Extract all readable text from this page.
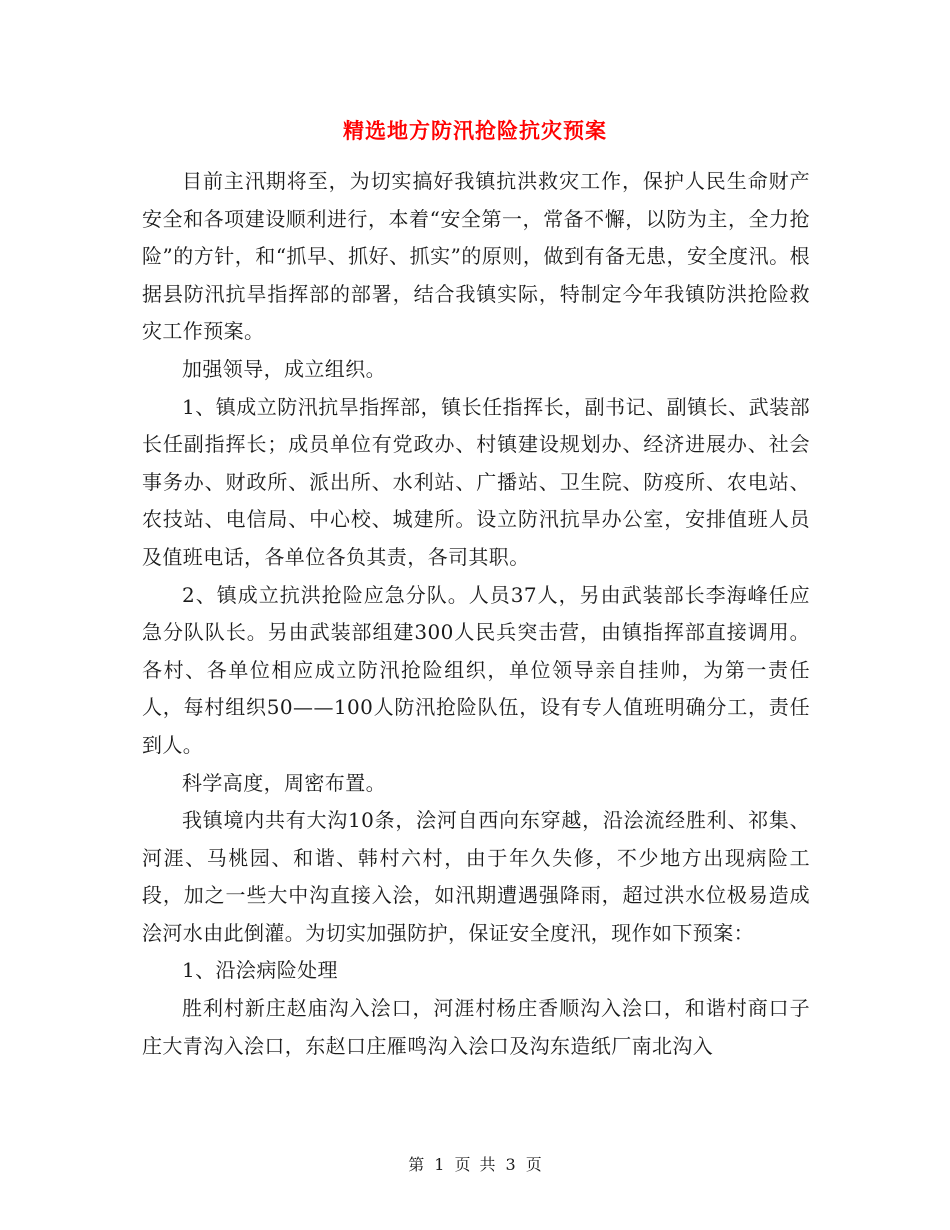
精选地方防汛抢险抗灾预案

目前主汛期将至，为切实搞好我镇抗洪救灾工作，保护人民生命财产安全和各项建设顺利进行，本着“安全第一，常备不懈，以防为主，全力抢险”的方针，和“抓早、抓好、抓实”的原则，做到有备无患，安全度汛。根据县防汛抗旱指挥部的部署，结合我镇实际，特制定今年我镇防洪抢险救灾工作预案。

加强领导，成立组织。

1、镇成立防汛抗旱指挥部，镇长任指挥长，副书记、副镇长、武装部长任副指挥长；成员单位有党政办、村镇建设规划办、经济进展办、社会事务办、财政所、派出所、水利站、广播站、卫生院、防疫所、农电站、农技站、电信局、中心校、城建所。设立防汛抗旱办公室，安排值班人员及值班电话，各单位各负其责，各司其职。

2、镇成立抗洪抢险应急分队。人员37人，另由武装部长李海峰任应急分队队长。另由武装部组建300人民兵突击营，由镇指挥部直接调用。各村、各单位相应成立防汛抢险组织，单位领导亲自挂帅，为第一责任人，每村组织50——100人防汛抢险队伍，设有专人值班明确分工，责任到人。

科学高度，周密布置。

我镇境内共有大沟10条，浍河自西向东穿越，沿浍流经胜利、祁集、河涯、马桃园、和谐、韩村六村，由于年久失修，不少地方出现病险工段，加之一些大中沟直接入浍，如汛期遭遇强降雨，超过洪水位极易造成浍河水由此倒灌。为切实加强防护，保证安全度汛，现作如下预案：

1、沿浍病险处理

胜利村新庄赵庙沟入浍口，河涯村杨庄香顺沟入浍口，和谐村商口子庄大青沟入浍口，东赵口庄雁鸣沟入浍口及沟东造纸厂南北沟入

第 1 页 共 3 页
